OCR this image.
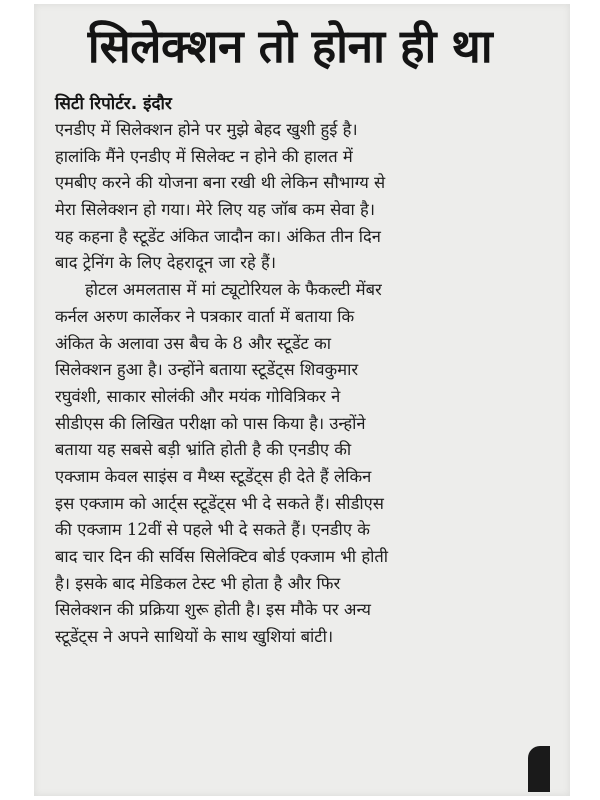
सिलेक्शन तो होना ही था
सिटी रिपोर्टर. इंदौर
एनडीए में सिलेक्शन होने पर मुझे बेहद खुशी हुई है।
हालांकि मैंने एनडीए में सिलेक्ट न होने की हालत में
एमबीए करने की योजना बना रखी थी लेकिन सौभाग्य से
मेरा सिलेक्शन हो गया। मेरे लिए यह जॉब कम सेवा है।
यह कहना है स्टूडेंट अंकित जादौन का। अंकित तीन दिन
बाद ट्रेनिंग के लिए देहरादून जा रहे हैं।
होटल अमलतास में मां ट्यूटोरियल के फैकल्टी मेंबर
कर्नल अरुण कार्लेकर ने पत्रकार वार्ता में बताया कि
अंकित के अलावा उस बैच के 8 और स्टूडेंट का
सिलेक्शन हुआ है। उन्होंने बताया स्टूडेंट्स शिवकुमार
रघुवंशी, साकार सोलंकी और मयंक गोवित्रिकर ने
सीडीएस की लिखित परीक्षा को पास किया है। उन्होंने
बताया यह सबसे बड़ी भ्रांति होती है की एनडीए की
एक्जाम केवल साइंस व मैथ्स स्टूडेंट्स ही देते हैं लेकिन
इस एक्जाम को आर्ट्स स्टूडेंट्स भी दे सकते हैं। सीडीएस
की एक्जाम 12वीं से पहले भी दे सकते हैं। एनडीए के
बाद चार दिन की सर्विस सिलेक्टिव बोर्ड एक्जाम भी होती
है। इसके बाद मेडिकल टेस्ट भी होता है और फिर
सिलेक्शन की प्रक्रिया शुरू होती है। इस मौके पर अन्य
स्टूडेंट्स ने अपने साथियों के साथ खुशियां बांटी।
